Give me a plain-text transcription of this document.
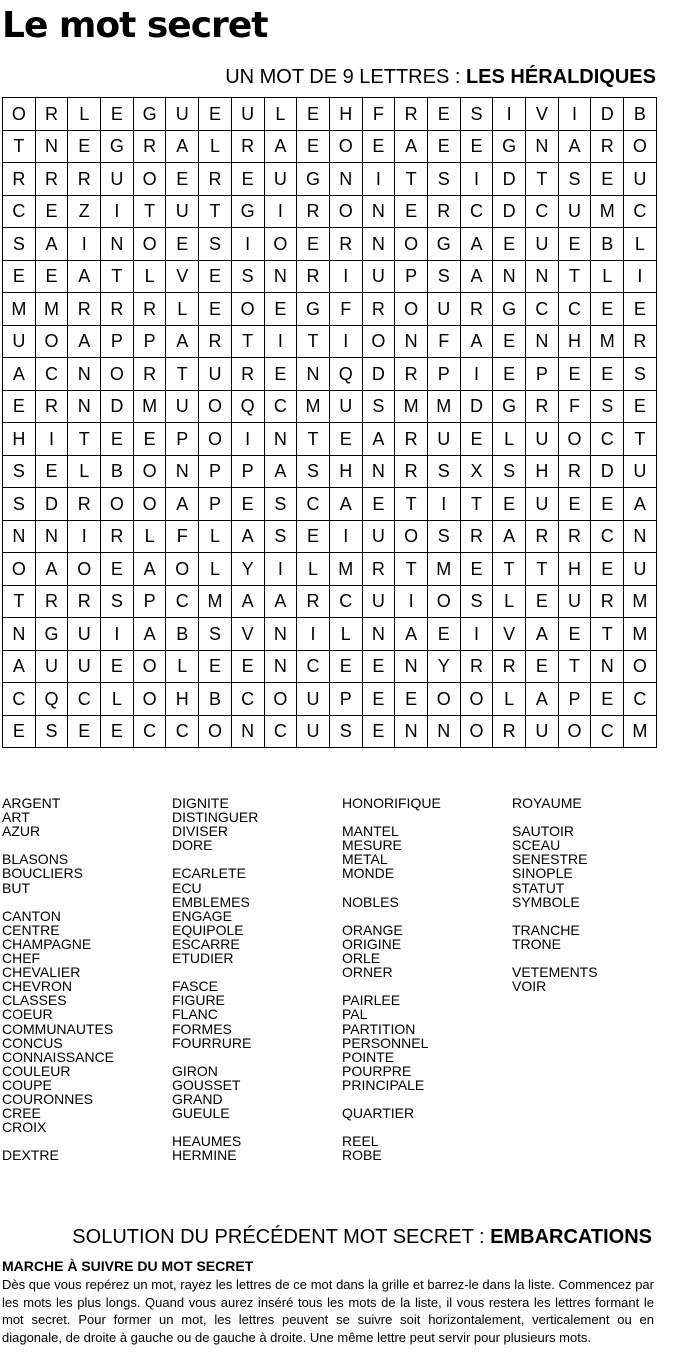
Le mot secret
UN MOT DE 9 LETTRES : LES HÉRALDIQUES
O	R	L	E	G	U	E	U	L	E	H	F	R	E	S	I	V	I	D	B
T	N	E	G	R	A	L	R	A	E	O	E	A	E	E	G	N	A	R	O
R	R	R	U	O	E	R	E	U	G	N	I	T	S	I	D	T	S	E	U
C	E	Z	I	T	U	T	G	I	R	O	N	E	R	C	D	C	U	M	C
S	A	I	N	O	E	S	I	O	E	R	N	O	G	A	E	U	E	B	L
E	E	A	T	L	V	E	S	N	R	I	U	P	S	A	N	N	T	L	I
M	M	R	R	R	L	E	O	E	G	F	R	O	U	R	G	C	C	E	E
U	O	A	P	P	A	R	T	I	T	I	O	N	F	A	E	N	H	M	R
A	C	N	O	R	T	U	R	E	N	Q	D	R	P	I	E	P	E	E	S
E	R	N	D	M	U	O	Q	C	M	U	S	M	M	D	G	R	F	S	E
H	I	T	E	E	P	O	I	N	T	E	A	R	U	E	L	U	O	C	T
S	E	L	B	O	N	P	P	A	S	H	N	R	S	X	S	H	R	D	U
S	D	R	O	O	A	P	E	S	C	A	E	T	I	T	E	U	E	E	A
N	N	I	R	L	F	L	A	S	E	I	U	O	S	R	A	R	R	C	N
O	A	O	E	A	O	L	Y	I	L	M	R	T	M	E	T	T	H	E	U
T	R	R	S	P	C	M	A	A	R	C	U	I	O	S	L	E	U	R	M
N	G	U	I	A	B	S	V	N	I	L	N	A	E	I	V	A	E	T	M
A	U	U	E	O	L	E	E	N	C	E	E	N	Y	R	R	E	T	N	O
C	Q	C	L	O	H	B	C	O	U	P	E	E	O	O	L	A	P	E	C
E	S	E	E	C	C	O	N	C	U	S	E	N	N	O	R	U	O	C	M
ARGENT
ART
AZUR
BLASONS
BOUCLIERS
BUT
CANTON
CENTRE
CHAMPAGNE
CHEF
CHEVALIER
CHEVRON
CLASSES
COEUR
COMMUNAUTES
CONCUS
CONNAISSANCE
COULEUR
COUPE
COURONNES
CREE
CROIX
DEXTRE
DIGNITE
DISTINGUER
DIVISER
DORE
ECARLETE
ECU
EMBLEMES
ENGAGE
EQUIPOLE
ESCARRE
ETUDIER
FASCE
FIGURE
FLANC
FORMES
FOURRURE
GIRON
GOUSSET
GRAND
GUEULE
HEAUMES
HERMINE
HONORIFIQUE
MANTEL
MESURE
METAL
MONDE
NOBLES
ORANGE
ORIGINE
ORLE
ORNER
PAIRLEE
PAL
PARTITION
PERSONNEL
POINTE
POURPRE
PRINCIPALE
QUARTIER
REEL
ROBE
ROYAUME
SAUTOIR
SCEAU
SENESTRE
SINOPLE
STATUT
SYMBOLE
TRANCHE
TRONE
VETEMENTS
VOIR
SOLUTION DU PRÉCÉDENT MOT SECRET : EMBARCATIONS
MARCHE À SUIVRE DU MOT SECRET
Dès que vous repérez un mot, rayez les lettres de ce mot dans la grille et barrez-le dans la liste. Commencez par les mots les plus longs. Quand vous aurez inséré tous les mots de la liste, il vous restera les lettres formant le mot secret. Pour former un mot, les lettres peuvent se suivre soit horizontalement, verticalement ou en diagonale, de droite à gauche ou de gauche à droite. Une même lettre peut servir pour plusieurs mots.
